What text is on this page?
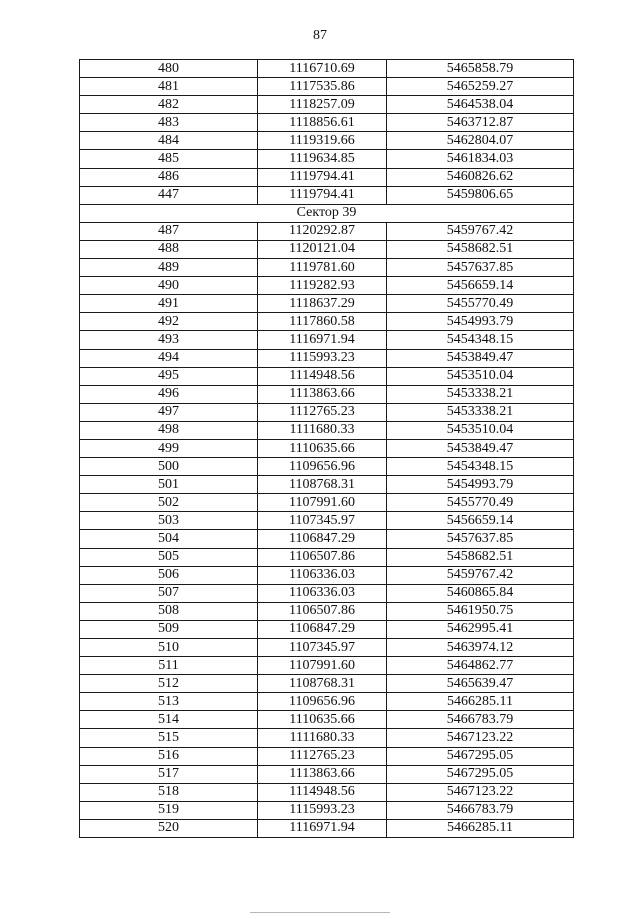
87
480	1116710.69	5465858.79
481	1117535.86	5465259.27
482	1118257.09	5464538.04
483	1118856.61	5463712.87
484	1119319.66	5462804.07
485	1119634.85	5461834.03
486	1119794.41	5460826.62
447	1119794.41	5459806.65
Сектор 39		
487	1120292.87	5459767.42
488	1120121.04	5458682.51
489	1119781.60	5457637.85
490	1119282.93	5456659.14
491	1118637.29	5455770.49
492	1117860.58	5454993.79
493	1116971.94	5454348.15
494	1115993.23	5453849.47
495	1114948.56	5453510.04
496	1113863.66	5453338.21
497	1112765.23	5453338.21
498	1111680.33	5453510.04
499	1110635.66	5453849.47
500	1109656.96	5454348.15
501	1108768.31	5454993.79
502	1107991.60	5455770.49
503	1107345.97	5456659.14
504	1106847.29	5457637.85
505	1106507.86	5458682.51
506	1106336.03	5459767.42
507	1106336.03	5460865.84
508	1106507.86	5461950.75
509	1106847.29	5462995.41
510	1107345.97	5463974.12
511	1107991.60	5464862.77
512	1108768.31	5465639.47
513	1109656.96	5466285.11
514	1110635.66	5466783.79
515	1111680.33	5467123.22
516	1112765.23	5467295.05
517	1113863.66	5467295.05
518	1114948.56	5467123.22
519	1115993.23	5466783.79
520	1116971.94	5466285.11
